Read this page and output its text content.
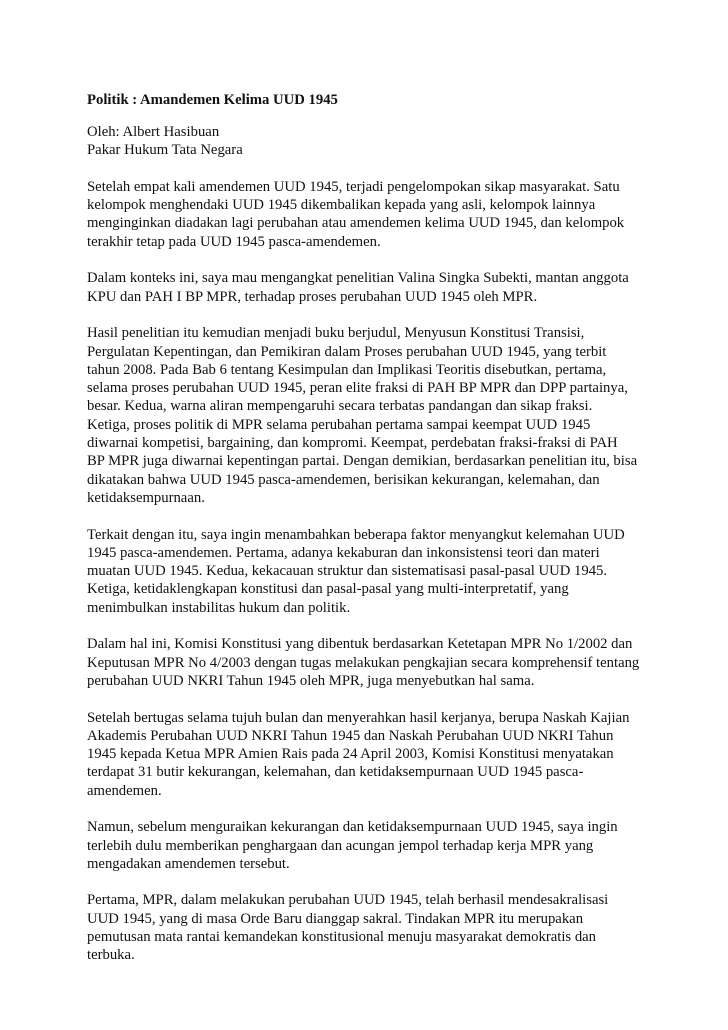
Politik : Amandemen Kelima UUD 1945
Oleh: Albert Hasibuan
Pakar Hukum Tata Negara
Setelah empat kali amendemen UUD 1945, terjadi pengelompokan sikap masyarakat. Satu
kelompok menghendaki UUD 1945 dikembalikan kepada yang asli, kelompok lainnya
menginginkan diadakan lagi perubahan atau amendemen kelima UUD 1945, dan kelompok
terakhir tetap pada UUD 1945 pasca-amendemen.
Dalam konteks ini, saya mau mengangkat penelitian Valina Singka Subekti, mantan anggota
KPU dan PAH I BP MPR, terhadap proses perubahan UUD 1945 oleh MPR.
Hasil penelitian itu kemudian menjadi buku berjudul, Menyusun Konstitusi Transisi,
Pergulatan Kepentingan, dan Pemikiran dalam Proses perubahan UUD 1945, yang terbit
tahun 2008. Pada Bab 6 tentang Kesimpulan dan Implikasi Teoritis disebutkan, pertama,
selama proses perubahan UUD 1945, peran elite fraksi di PAH BP MPR dan DPP partainya,
besar. Kedua, warna aliran mempengaruhi secara terbatas pandangan dan sikap fraksi.
Ketiga, proses politik di MPR selama perubahan pertama sampai keempat UUD 1945
diwarnai kompetisi, bargaining, dan kompromi. Keempat, perdebatan fraksi-fraksi di PAH
BP MPR juga diwarnai kepentingan partai. Dengan demikian, berdasarkan penelitian itu, bisa
dikatakan bahwa UUD 1945 pasca-amendemen, berisikan kekurangan, kelemahan, dan
ketidaksempurnaan.
Terkait dengan itu, saya ingin menambahkan beberapa faktor menyangkut kelemahan UUD
1945 pasca-amendemen. Pertama, adanya kekaburan dan inkonsistensi teori dan materi
muatan UUD 1945. Kedua, kekacauan struktur dan sistematisasi pasal-pasal UUD 1945.
Ketiga, ketidaklengkapan konstitusi dan pasal-pasal yang multi-interpretatif, yang
menimbulkan instabilitas hukum dan politik.
Dalam hal ini, Komisi Konstitusi yang dibentuk berdasarkan Ketetapan MPR No 1/2002 dan
Keputusan MPR No 4/2003 dengan tugas melakukan pengkajian secara komprehensif tentang
perubahan UUD NKRI Tahun 1945 oleh MPR, juga menyebutkan hal sama.
Setelah bertugas selama tujuh bulan dan menyerahkan hasil kerjanya, berupa Naskah Kajian
Akademis Perubahan UUD NKRI Tahun 1945 dan Naskah Perubahan UUD NKRI Tahun
1945 kepada Ketua MPR Amien Rais pada 24 April 2003, Komisi Konstitusi menyatakan
terdapat 31 butir kekurangan, kelemahan, dan ketidaksempurnaan UUD 1945 pasca-
amendemen.
Namun, sebelum menguraikan kekurangan dan ketidaksempurnaan UUD 1945, saya ingin
terlebih dulu memberikan penghargaan dan acungan jempol terhadap kerja MPR yang
mengadakan amendemen tersebut.
Pertama, MPR, dalam melakukan perubahan UUD 1945, telah berhasil mendesakralisasi
UUD 1945, yang di masa Orde Baru dianggap sakral. Tindakan MPR itu merupakan
pemutusan mata rantai kemandekan konstitusional menuju masyarakat demokratis dan
terbuka.
